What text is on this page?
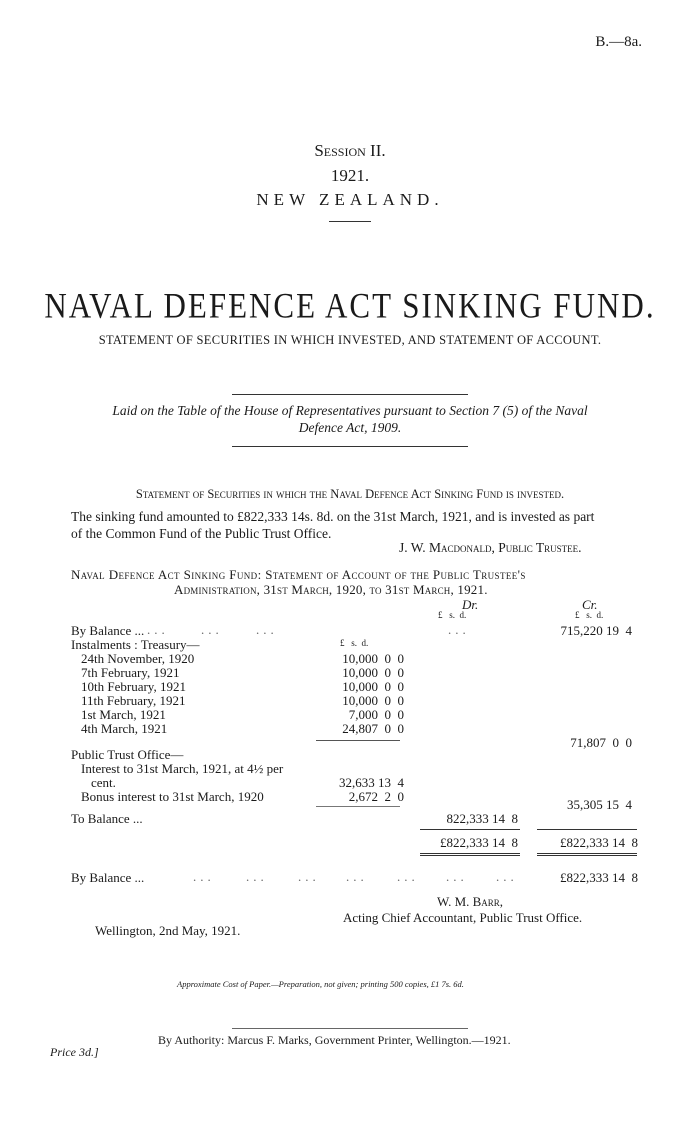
B.—8a.
Session II.
1921.
NEW ZEALAND.
NAVAL DEFENCE ACT SINKING FUND.
STATEMENT OF SECURITIES IN WHICH INVESTED, AND STATEMENT OF ACCOUNT.
Laid on the Table of the House of Representatives pursuant to Section 7 (5) of the Naval
Defence Act, 1909.
Statement of Securities in which the Naval Defence Act Sinking Fund is invested.
The sinking fund amounted to £822,333 14s. 8d. on the 31st March, 1921, and is invested as part
of the Common Fund of the Public Trust Office.
J. W. Macdonald, Public Trustee.
Naval Defence Act Sinking Fund: Statement of Account of the Public Trustee's
Administration, 31st March, 1920, to 31st March, 1921.
Dr.	Cr.
£   s.  d.	£   s.  d.
By Balance ... ... ...	...	...	715,220 19  4
Instalments : Treasury—	£   s.  d.
24th November, 1920	10,000  0  0
7th February, 1921	10,000  0  0
10th February, 1921	10,000  0  0
11th February, 1921	10,000  0  0
1st March, 1921	7,000  0  0
4th March, 1921	24,807  0  0
71,807  0  0
Public Trust Office—
Interest to 31st March, 1921, at 4½ per
cent.	32,633 13  4
Bonus interest to 31st March, 1920	2,672  2  0
35,305 15  4
To Balance ...	822,333 14  8
£822,333 14  8	£822,333 14  8
By Balance ...	... ... ... ... ... ... ...	£822,333 14  8
W. M. Barr,
Acting Chief Accountant, Public Trust Office.
Wellington, 2nd May, 1921.
Approximate Cost of Paper.—Preparation, not given; printing 500 copies, £1 7s. 6d.
By Authority: Marcus F. Marks, Government Printer, Wellington.—1921.
Price 3d.]
